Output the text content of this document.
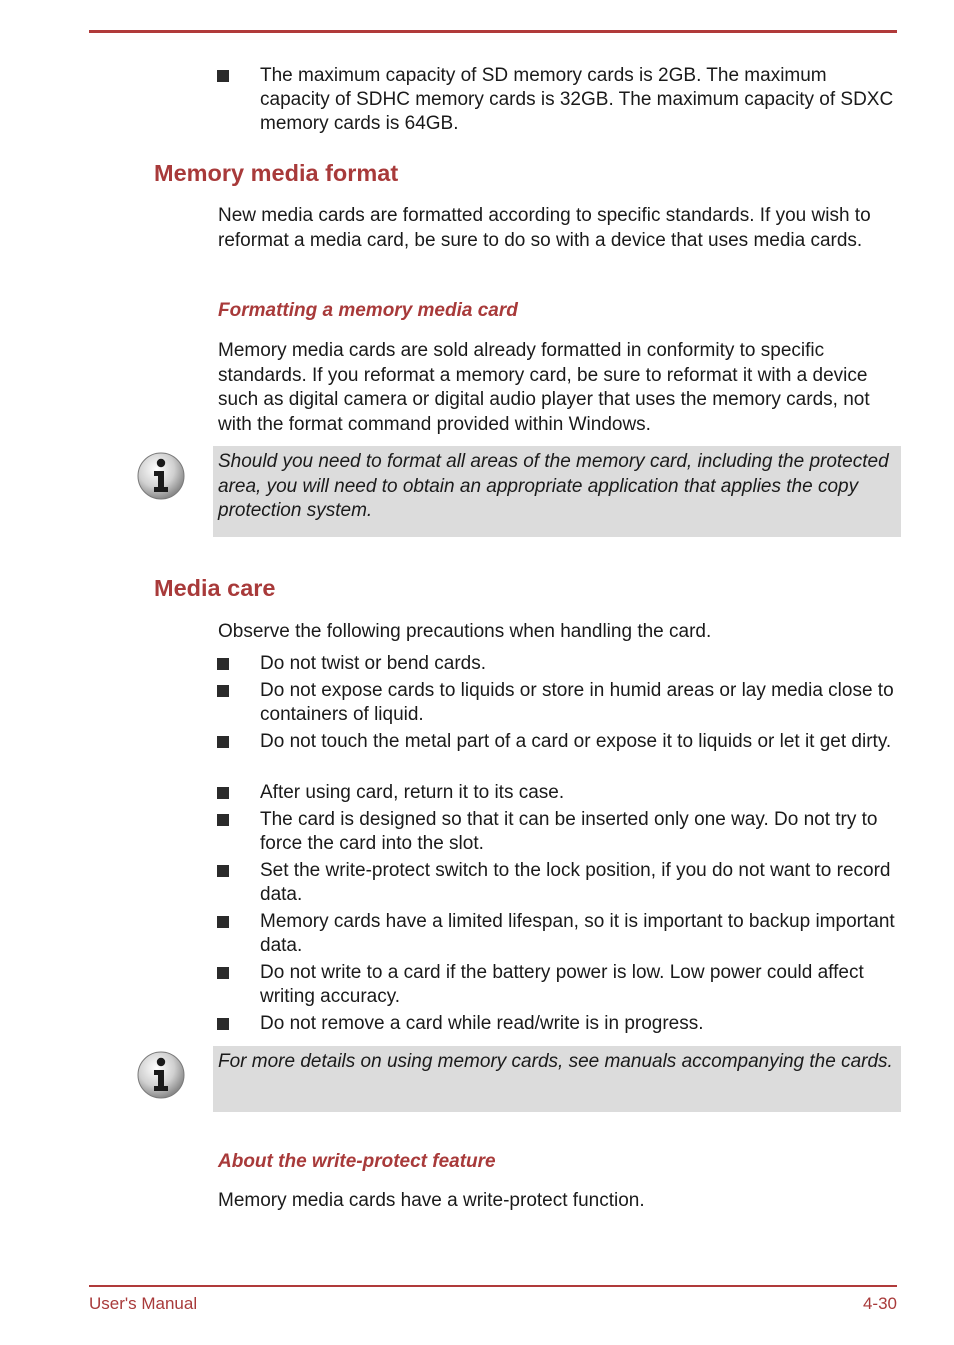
The maximum capacity of SD memory cards is 2GB. The maximum capacity of SDHC memory cards is 32GB. The maximum capacity of SDXC memory cards is 64GB.
Memory media format
New media cards are formatted according to specific standards. If you wish to reformat a media card, be sure to do so with a device that uses media cards.
Formatting a memory media card
Memory media cards are sold already formatted in conformity to specific standards. If you reformat a memory card, be sure to reformat it with a device such as digital camera or digital audio player that uses the memory cards, not with the format command provided within Windows.
Should you need to format all areas of the memory card, including the protected area, you will need to obtain an appropriate application that applies the copy protection system.
Media care
Observe the following precautions when handling the card.
Do not twist or bend cards.
Do not expose cards to liquids or store in humid areas or lay media close to containers of liquid.
Do not touch the metal part of a card or expose it to liquids or let it get dirty.
After using card, return it to its case.
The card is designed so that it can be inserted only one way. Do not try to force the card into the slot.
Set the write-protect switch to the lock position, if you do not want to record data.
Memory cards have a limited lifespan, so it is important to backup important data.
Do not write to a card if the battery power is low. Low power could affect writing accuracy.
Do not remove a card while read/write is in progress.
For more details on using memory cards, see manuals accompanying the cards.
About the write-protect feature
Memory media cards have a write-protect function.
User's Manual	4-30
